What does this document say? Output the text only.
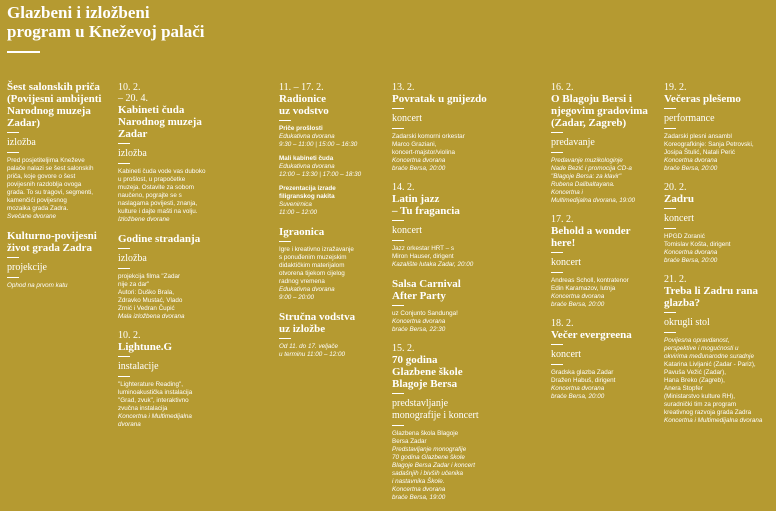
Glazbeni i izložbeni
program u Kneževoj palači
Šest salonskih priča
(Povijesni ambijenti
Narodnog muzeja
Zadar)
izložba
Pred posjetiteljima Kneževe
palače nalazi se šest salonskih
priča, koje govore o šest
povijesnih razdoblja ovoga
grada. To su tragovi, segmenti,
kamenčići povijesnog
mozaika grada Zadra.
Svečane dvorane
Kulturno-povijesni
život grada Zadra
projekcije
Ophod na prvom katu
10. 2.
– 20. 4.
Kabineti čuda
Narodnog muzeja
Zadar
izložba
Kabineti čuda vode vas duboko
u prošlost, u prapočetke
muzeja. Ostavite za sobom
naučeno, pograjte se s
naslagama povijesti, znanja,
kulture i dajte mašti na volju.
Izložbene dvorane
Godine stradanja
izložba
projekcija filma "Zadar
nije za dar"
Autori: Duško Brala,
Zdravko Mustać, Vlado
Zrnić i Vedran Čupić
Mala izložbena dvorana
10. 2.
Lightune.G
instalacije
"Lighterature Reading",
luminoakustička instalacija
"Grad, zvuk", interaktivno
zvučna instalacija
Koncertna i Multimedijalna
dvorana
11. – 17. 2.
Radionice
uz vodstvo
Priče prošlosti
Edukativna dvorana
9:30 – 11:00 | 15:00 – 16:30
Mali kabineti čuda
Edukativna dvorana
12:00 – 13:30 | 17:00 – 18:30
Prezentacija izrade
filigranskog nakita
Suvenirnica
11:00 – 12:00
Igraonica
Igre i kreativno izražavanje
s ponuđenim muzejskim
didaktičkim materijalom
otvorena tijekom cijelog
radnog vremena
Edukativna dvorana
9:00 – 20:00
Stručna vodstva
uz izložbe
Od 11. do 17. veljače
u terminu 11:00 – 12:00
13. 2.
Povratak u gnijezdo
koncert
Zadarski komorni orkestar
Marco Graziani,
koncert-majstor/violina
Koncertna dvorana
braće Bersa, 20:00
14. 2.
Latin jazz
– Tu fragancia
koncert
Jazz orkestar HRT – s
Miron Hauser, dirigent
Kazalište lutaka Zadar, 20:00
Salsa Carnival
After Party
uz Conjunto Sandunga!
Koncertna dvorana
braće Bersa, 22:30
15. 2.
70 godina
Glazbene škole
Blagoje Bersa
predstavljanje
monografije i koncert
Glazbena škola Blagoje
Bersa Zadar
Predstavljanje monografije
70 godina Glazbene škole
Blagoje Bersa Zadar i koncert
sadašnjih i bivših učenika
i nastavnika Škole.
Koncertna dvorana
braće Bersa, 19:00
16. 2.
O Blagoju Bersi i
njegovim gradovima
(Zadar, Zagreb)
predavanje
Predavanje muzikologinje
Nade Bezić i promocija CD-a
"Blagoje Bersa: za klavir"
Rubena Dalibaltayana.
Koncertna i
Multimedijalna dvorana, 19:00
17. 2.
Behold a wonder here!
koncert
Andreas Scholl, kontratenor
Edin Karamazov, lutnja
Koncertna dvorana
braće Bersa, 20:00
18. 2.
Večer evergreena
koncert
Gradska glazba Zadar
Dražen Habuš, dirigent
Koncertna dvorana
braće Bersa, 20:00
19. 2.
Večeras plešemo
performance
Zadarski plesni ansambl
Koreografkinje: Sanja Petrovski,
Josipa Štulić, Natali Perić
Koncertna dvorana
braće Bersa, 20:00
20. 2.
Zadru
koncert
HPGD Zoranić
Tomislav Košta, dirigent
Koncertna dvorana
braće Bersa, 20:00
21. 2.
Treba li Zadru rana
glazba?
okrugli stol
Povijesna opravdanost,
perspektive i mogućnosti u
okvirima međunarodne suradnje
Katarina Livljanić (Zadar - Pariz),
Pavuša Vežić (Zadar),
Hana Breko (Zagreb),
Anera Stopfer
(Ministarstvo kulture RH),
suradnički tim za program
kreativnog razvoja grada Zadra
Koncertna i Multimedijalna dvorana
